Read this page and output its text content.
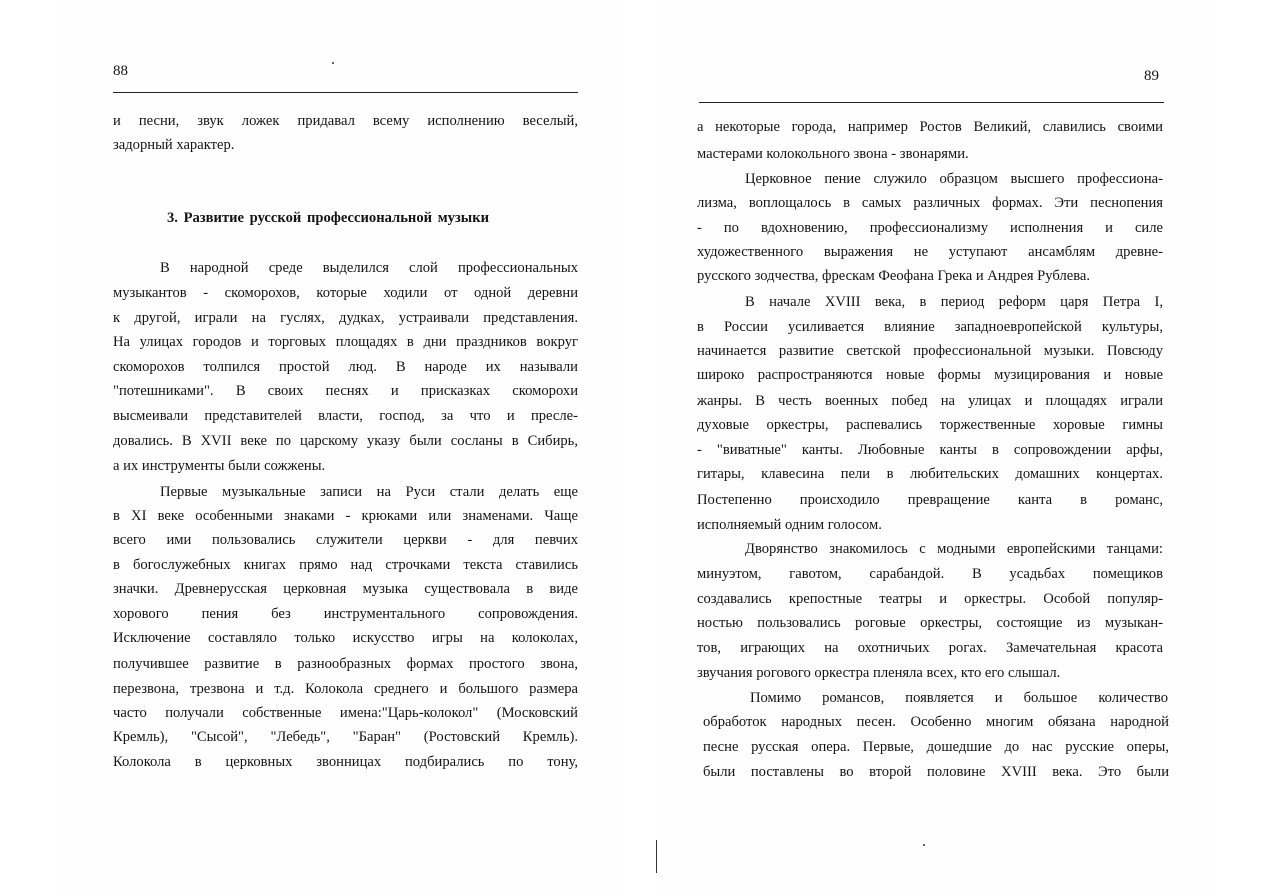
88
и песни, звук ложек придавал всему исполнению веселый,
задорный характер.
3. Развитие русской профессиональной музыки
В народной среде выделился слой профессиональных
музыкантов - скоморохов, которые ходили от одной деревни
к другой, играли на гуслях, дудках, устраивали представления.
На улицах городов и торговых площадях в дни праздников вокруг
скоморохов толпился простой люд. В народе их называли
"потешниками". В своих песнях и присказках скоморохи
высмеивали представителей власти, господ, за что и пресле-
довались. В XVII веке по царскому указу были сосланы в Сибирь,
а их инструменты были сожжены.
Первые музыкальные записи на Руси стали делать еще
в XI веке особенными знаками - крюками или знаменами. Чаще
всего ими пользовались служители церкви - для певчих
в богослужебных книгах прямо над строчками текста ставились
значки. Древнерусская церковная музыка существовала в виде
хорового пения без инструментального сопровождения.
Исключение составляло только искусство игры на колоколах,
получившее развитие в разнообразных формах простого звона,
перезвона, трезвона и т.д. Колокола среднего и большого размера
часто получали собственные имена:"Царь-колокол" (Московский
Кремль), "Сысой", "Лебедь", "Баран" (Ростовский Кремль).
Колокола в церковных звонницах подбирались по тону,
89
а некоторые города, например Ростов Великий, славились своими
мастерами колокольного звона - звонарями.
Церковное пение служило образцом высшего профессиона-
лизма, воплощалось в самых различных формах. Эти песнопения
- по вдохновению, профессионализму исполнения и силе
художественного выражения не уступают ансамблям древне-
русского зодчества, фрескам Феофана Грека и Андрея Рублева.
В начале XVIII века, в период реформ царя Петра I,
в России усиливается влияние западноевропейской культуры,
начинается развитие светской профессиональной музыки. Повсюду
широко распространяются новые формы музицирования и новые
жанры. В честь военных побед на улицах и площадях играли
духовые оркестры, распевались торжественные хоровые гимны
- "виватные" канты. Любовные канты в сопровождении арфы,
гитары, клавесина пели в любительских домашних концертах.
Постепенно происходило превращение канта в романс,
исполняемый одним голосом.
Дворянство знакомилось с модными европейскими танцами:
минуэтом, гавотом, сарабандой. В усадьбах помещиков
создавались крепостные театры и оркестры. Особой популяр-
ностью пользовались роговые оркестры, состоящие из музыкан-
тов, играющих на охотничьих рогах. Замечательная красота
звучания рогового оркестра пленяла всех, кто его слышал.
Помимо романсов, появляется и большое количество
обработок народных песен. Особенно многим обязана народной
песне русская опера. Первые, дошедшие до нас русские оперы,
были поставлены во второй половине XVIII века. Это были
